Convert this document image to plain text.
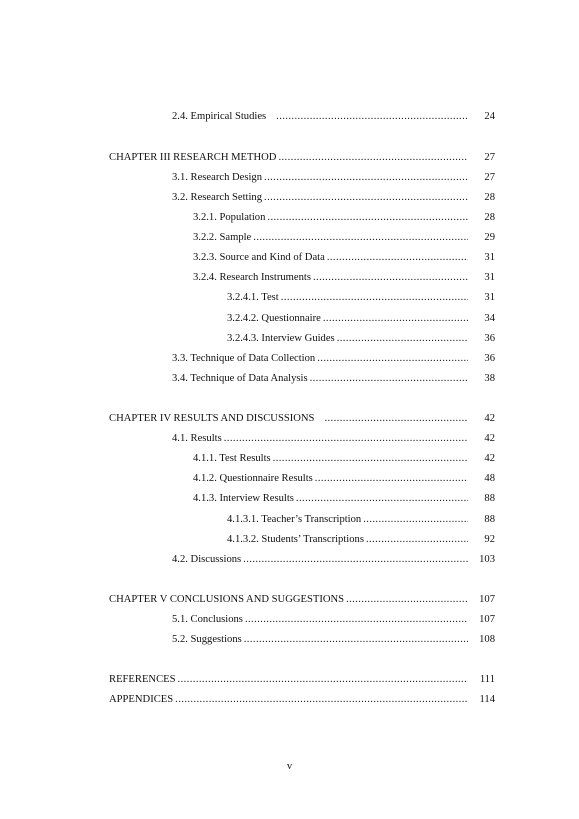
2.4. Empirical Studies .....	24
CHAPTER III RESEARCH METHOD .....	27
3.1. Research Design .....	27
3.2. Research Setting .....	28
3.2.1. Population .....	28
3.2.2. Sample .....	29
3.2.3. Source and Kind of Data .....	31
3.2.4. Research Instruments .....	31
3.2.4.1. Test .....	31
3.2.4.2. Questionnaire .....	34
3.2.4.3. Interview Guides .....	36
3.3. Technique of Data Collection .....	36
3.4. Technique of Data Analysis .....	38
CHAPTER IV RESULTS AND DISCUSSIONS .....	42
4.1. Results .....	42
4.1.1. Test Results .....	42
4.1.2. Questionnaire Results .....	48
4.1.3. Interview Results .....	88
4.1.3.1. Teacher’s Transcription .....	88
4.1.3.2. Students’ Transcriptions .....	92
4.2. Discussions .....	103
CHAPTER V CONCLUSIONS AND SUGGESTIONS .....	107
5.1. Conclusions .....	107
5.2. Suggestions .....	108
REFERENCES .....	111
APPENDICES .....	114
v
